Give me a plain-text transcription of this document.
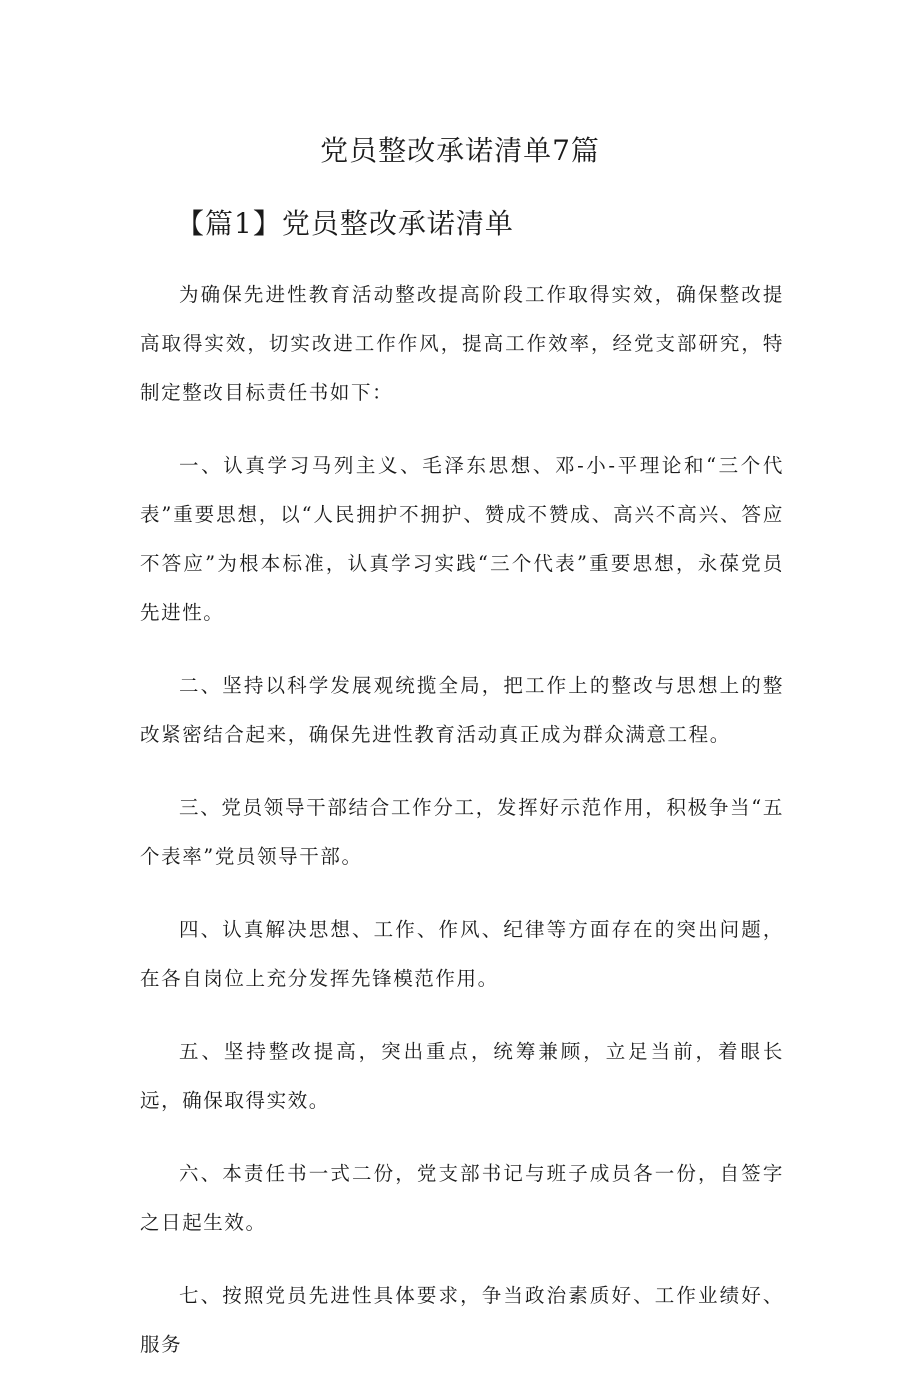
党员整改承诺清单7篇
【篇1】党员整改承诺清单

为确保先进性教育活动整改提高阶段工作取得实效，确保整改提高取得实效，切实改进工作作风，提高工作效率，经党支部研究，特制定整改目标责任书如下：

一、认真学习马列主义、毛泽东思想、邓-小-平理论和“三个代表”重要思想，以“人民拥护不拥护、赞成不赞成、高兴不高兴、答应不答应”为根本标准，认真学习实践“三个代表”重要思想，永葆党员先进性。

二、坚持以科学发展观统揽全局，把工作上的整改与思想上的整改紧密结合起来，确保先进性教育活动真正成为群众满意工程。

三、党员领导干部结合工作分工，发挥好示范作用，积极争当“五个表率”党员领导干部。

四、认真解决思想、工作、作风、纪律等方面存在的突出问题，在各自岗位上充分发挥先锋模范作用。

五、坚持整改提高，突出重点，统筹兼顾，立足当前，着眼长远，确保取得实效。

六、本责任书一式二份，党支部书记与班子成员各一份，自签字之日起生效。

七、按照党员先进性具体要求，争当政治素质好、工作业绩好、服务
